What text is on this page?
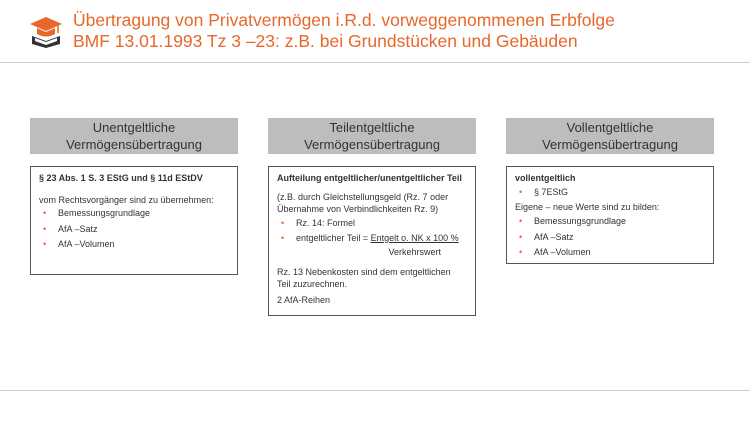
Übertragung von Privatvermögen i.R.d. vorweggenommenen Erbfolge
BMF 13.01.1993 Tz 3 –23: z.B. bei Grundstücken und Gebäuden
Unentgeltliche
Vermögensübertragung

§ 23 Abs. 1 S. 3 EStG und § 11d EStDV

vom Rechtsvorgänger sind zu übernehmen:

• Bemessungsgrundlage
• AfA –Satz
• AfA –Volumen
Teilentgeltliche
Vermögensübertragung

Aufteilung entgeltlicher/unentgeltlicher Teil

(z.B. durch Gleichstellungsgeld (Rz. 7 oder

Übernahme von Verbindlichkeiten Rz. 9)

• Rz. 14: Formel
• entgeltlicher Teil = Entgelt o. NK x 100 %
Verkehrswert

Rz. 13 Nebenkosten sind dem entgeltlichen

Teil zuzurechnen.

2 AfA-Reihen

Vollentgeltliche
Vermögensübertragung

vollentgeltlich

• § 7EStG

Eigene – neue Werte sind zu bilden:

• Bemessungsgrundlage
• AfA –Satz
• AfA –Volumen
